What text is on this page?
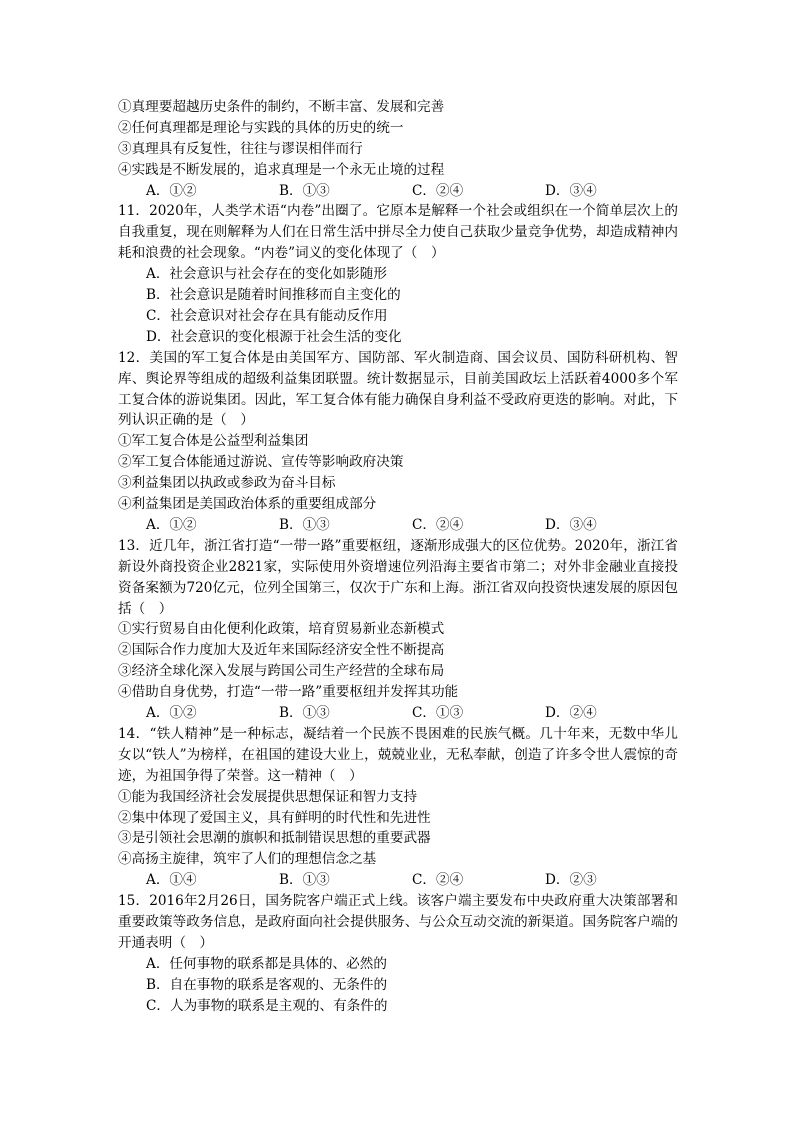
①真理要超越历史条件的制约，不断丰富、发展和完善
②任何真理都是理论与实践的具体的历史的统一
③真理具有反复性，往往与谬误相伴而行
④实践是不断发展的，追求真理是一个永无止境的过程
A．①②	B．①③	C．②④	D．③④
11．2020年，人类学术语“内卷”出圈了。它原本是解释一个社会或组织在一个简单层次上的自我重复，现在则解释为人们在日常生活中拼尽全力使自己获取少量竞争优势，却造成精神内耗和浪费的社会现象。“内卷”词义的变化体现了（　）
A．社会意识与社会存在的变化如影随形
B．社会意识是随着时间推移而自主变化的
C．社会意识对社会存在具有能动反作用
D．社会意识的变化根源于社会生活的变化
12．美国的军工复合体是由美国军方、国防部、军火制造商、国会议员、国防科研机构、智库、舆论界等组成的超级利益集团联盟。统计数据显示，目前美国政坛上活跃着4000多个军工复合体的游说集团。因此，军工复合体有能力确保自身利益不受政府更迭的影响。对此，下列认识正确的是（　）
①军工复合体是公益型利益集团
②军工复合体能通过游说、宣传等影响政府决策
③利益集团以执政或参政为奋斗目标
④利益集团是美国政治体系的重要组成部分
A．①②	B．①③	C．②④	D．③④
13．近几年，浙江省打造“一带一路”重要枢纽，逐渐形成强大的区位优势。2020年，浙江省新设外商投资企业2821家，实际使用外资增速位列沿海主要省市第二；对外非金融业直接投资备案额为720亿元，位列全国第三，仅次于广东和上海。浙江省双向投资快速发展的原因包括（　）
①实行贸易自由化便利化政策，培育贸易新业态新模式
②国际合作力度加大及近年来国际经济安全性不断提高
③经济全球化深入发展与跨国公司生产经营的全球布局
④借助自身优势，打造“一带一路”重要枢纽并发挥其功能
A．①②	B．①③	C．①③	D．②④
14．“铁人精神”是一种标志，凝结着一个民族不畏困难的民族气概。几十年来，无数中华儿女以“铁人”为榜样，在祖国的建设大业上，兢兢业业，无私奉献，创造了许多令世人震惊的奇迹，为祖国争得了荣誉。这一精神（　）
①能为我国经济社会发展提供思想保证和智力支持
②集中体现了爱国主义，具有鲜明的时代性和先进性
③是引领社会思潮的旗帜和抵制错误思想的重要武器
④高扬主旋律，筑牢了人们的理想信念之基
A．①④	B．①③	C．②④	D．②③
15．2016年2月26日，国务院客户端正式上线。该客户端主要发布中央政府重大决策部署和重要政策等政务信息，是政府面向社会提供服务、与公众互动交流的新渠道。国务院客户端的开通表明（　）
A．任何事物的联系都是具体的、必然的
B．自在事物的联系是客观的、无条件的
C．人为事物的联系是主观的、有条件的
